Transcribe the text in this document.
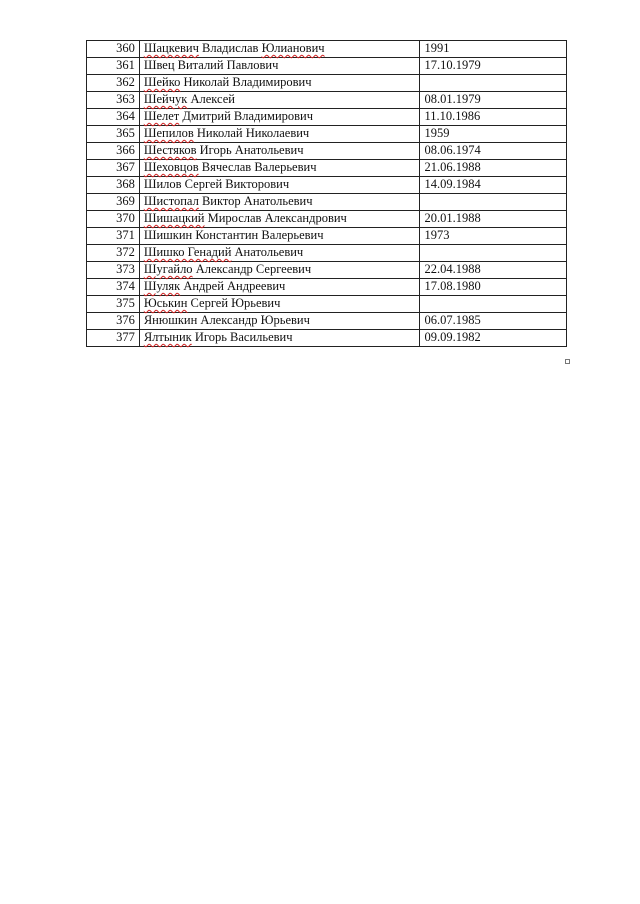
360	Шацкевич Владислав Юлианович	1991
361	Швец Виталий Павлович	17.10.1979
362	Шейко Николай Владимирович	
363	Шейчук Алексей	08.01.1979
364	Шелет Дмитрий Владимирович	11.10.1986
365	Шепилов Николай Николаевич	1959
366	Шестяков Игорь Анатольевич	08.06.1974
367	Шеховцов Вячеслав Валерьевич	21.06.1988
368	Шилов Сергей Викторович	14.09.1984
369	Шистопал Виктор Анатольевич	
370	Шишацкий Мирослав Александрович	20.01.1988
371	Шишкин Константин Валерьевич	1973
372	Шишко Генадий Анатольевич	
373	Шугайло Александр Сергеевич	22.04.1988
374	Шуляк Андрей Андреевич	17.08.1980
375	Юськин Сергей Юрьевич	
376	Янюшкин Александр Юрьевич	06.07.1985
377	Ялтыник Игорь Васильевич	09.09.1982
